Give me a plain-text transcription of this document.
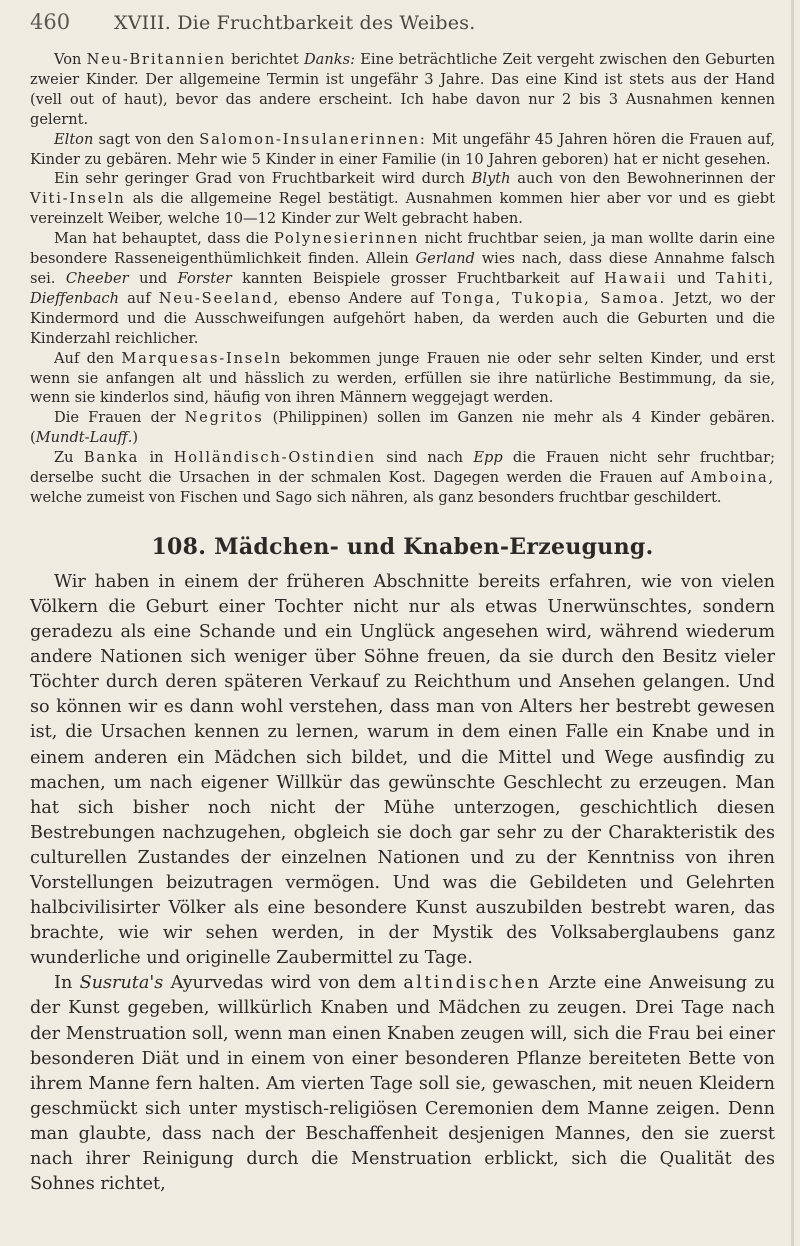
460	XVIII. Die Fruchtbarkeit des Weibes.

Von Neu-Britannien berichtet Danks: Eine beträchtliche Zeit vergeht zwischen den Geburten zweier Kinder. Der allgemeine Termin ist ungefähr 3 Jahre. Das eine Kind ist stets aus der Hand (vell out of haut), bevor das andere erscheint. Ich habe davon nur 2 bis 3 Ausnahmen kennen gelernt.

Elton sagt von den Salomon-Insulanerinnen: Mit ungefähr 45 Jahren hören die Frauen auf, Kinder zu gebären. Mehr wie 5 Kinder in einer Familie (in 10 Jahren geboren) hat er nicht gesehen.

Ein sehr geringer Grad von Fruchtbarkeit wird durch Blyth auch von den Bewohnerinnen der Viti-Inseln als die allgemeine Regel bestätigt. Ausnahmen kommen hier aber vor und es giebt vereinzelt Weiber, welche 10—12 Kinder zur Welt gebracht haben.

Man hat behauptet, dass die Polynesierinnen nicht fruchtbar seien, ja man wollte darin eine besondere Rasseneigenthümlichkeit finden. Allein Gerland wies nach, dass diese Annahme falsch sei. Cheeber und Forster kannten Beispiele grosser Fruchtbarkeit auf Hawaii und Tahiti, Dieffenbach auf Neu-Seeland, ebenso Andere auf Tonga, Tukopia, Samoa. Jetzt, wo der Kindermord und die Ausschweifungen aufgehört haben, da werden auch die Geburten und die Kinderzahl reichlicher.

Auf den Marquesas-Inseln bekommen junge Frauen nie oder sehr selten Kinder, und erst wenn sie anfangen alt und hässlich zu werden, erfüllen sie ihre natürliche Bestimmung, da sie, wenn sie kinderlos sind, häufig von ihren Männern weggejagt werden.

Die Frauen der Negritos (Philippinen) sollen im Ganzen nie mehr als 4 Kinder gebären. (Mundt-Lauff.)

Zu Banka in Holländisch-Ostindien sind nach Epp die Frauen nicht sehr fruchtbar; derselbe sucht die Ursachen in der schmalen Kost. Dagegen werden die Frauen auf Amboina, welche zumeist von Fischen und Sago sich nähren, als ganz besonders fruchtbar geschildert.

108. Mädchen- und Knaben-Erzeugung.

Wir haben in einem der früheren Abschnitte bereits erfahren, wie von vielen Völkern die Geburt einer Tochter nicht nur als etwas Unerwünschtes, sondern geradezu als eine Schande und ein Unglück angesehen wird, während wiederum andere Nationen sich weniger über Söhne freuen, da sie durch den Besitz vieler Töchter durch deren späteren Verkauf zu Reichthum und Ansehen gelangen. Und so können wir es dann wohl verstehen, dass man von Alters her bestrebt gewesen ist, die Ursachen kennen zu lernen, warum in dem einen Falle ein Knabe und in einem anderen ein Mädchen sich bildet, und die Mittel und Wege ausfindig zu machen, um nach eigener Willkür das gewünschte Geschlecht zu erzeugen. Man hat sich bisher noch nicht der Mühe unterzogen, geschichtlich diesen Bestrebungen nachzugehen, obgleich sie doch gar sehr zu der Charakteristik des culturellen Zustandes der einzelnen Nationen und zu der Kenntniss von ihren Vorstellungen beizutragen vermögen. Und was die Gebildeten und Gelehrten halbcivilisirter Völker als eine besondere Kunst auszubilden bestrebt waren, das brachte, wie wir sehen werden, in der Mystik des Volksaberglaubens ganz wunderliche und originelle Zaubermittel zu Tage.

In Susruta's Ayurvedas wird von dem altindischen Arzte eine Anweisung zu der Kunst gegeben, willkürlich Knaben und Mädchen zu zeugen. Drei Tage nach der Menstruation soll, wenn man einen Knaben zeugen will, sich die Frau bei einer besonderen Diät und in einem von einer besonderen Pflanze bereiteten Bette von ihrem Manne fern halten. Am vierten Tage soll sie, gewaschen, mit neuen Kleidern geschmückt sich unter mystisch-religiösen Ceremonien dem Manne zeigen. Denn man glaubte, dass nach der Beschaffenheit desjenigen Mannes, den sie zuerst nach ihrer Reinigung durch die Menstruation erblickt, sich die Qualität des Sohnes richtet,
